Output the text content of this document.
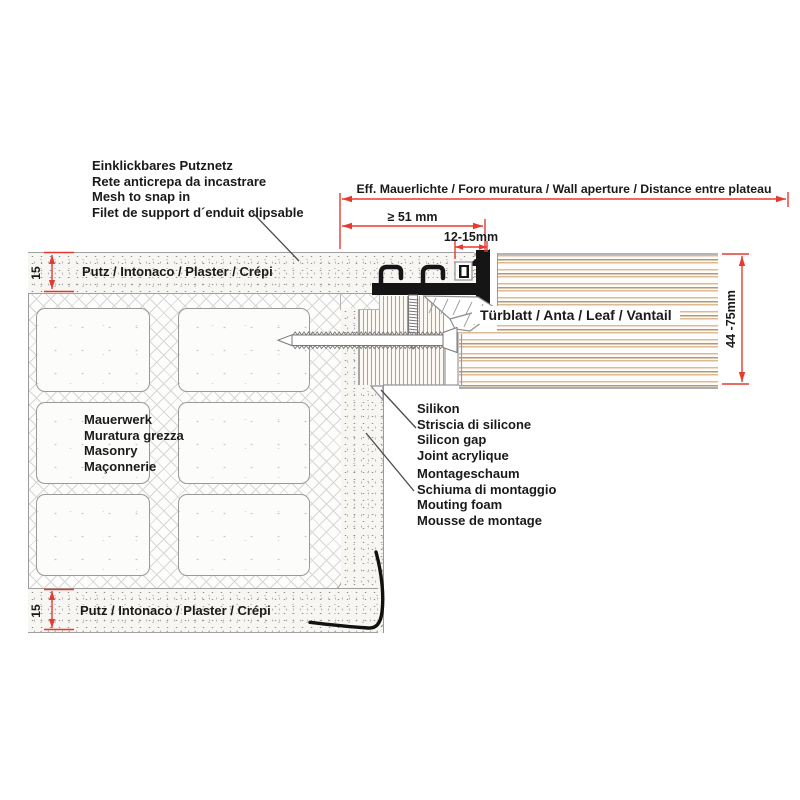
Einklickbares Putznetz
Rete anticrepa da incastrare
Mesh to snap in
Filet de support d´enduit clipsable
Putz / Intonaco / Plaster / Crépi
Mauerwerk
Muratura grezza
Masonry
Maçonnerie
Silikon
Striscia di silicone
Silicon gap
Joint acrylique
Montageschaum
Schiuma di montaggio
Mouting foam
Mousse de montage
Putz / Intonaco / Plaster / Crépi
Türblatt / Anta / Leaf / Vantail
Eff. Mauerlichte / Foro muratura / Wall aperture / Distance entre plateau
≥ 51 mm
12-15mm
44 -75mm
15
15
